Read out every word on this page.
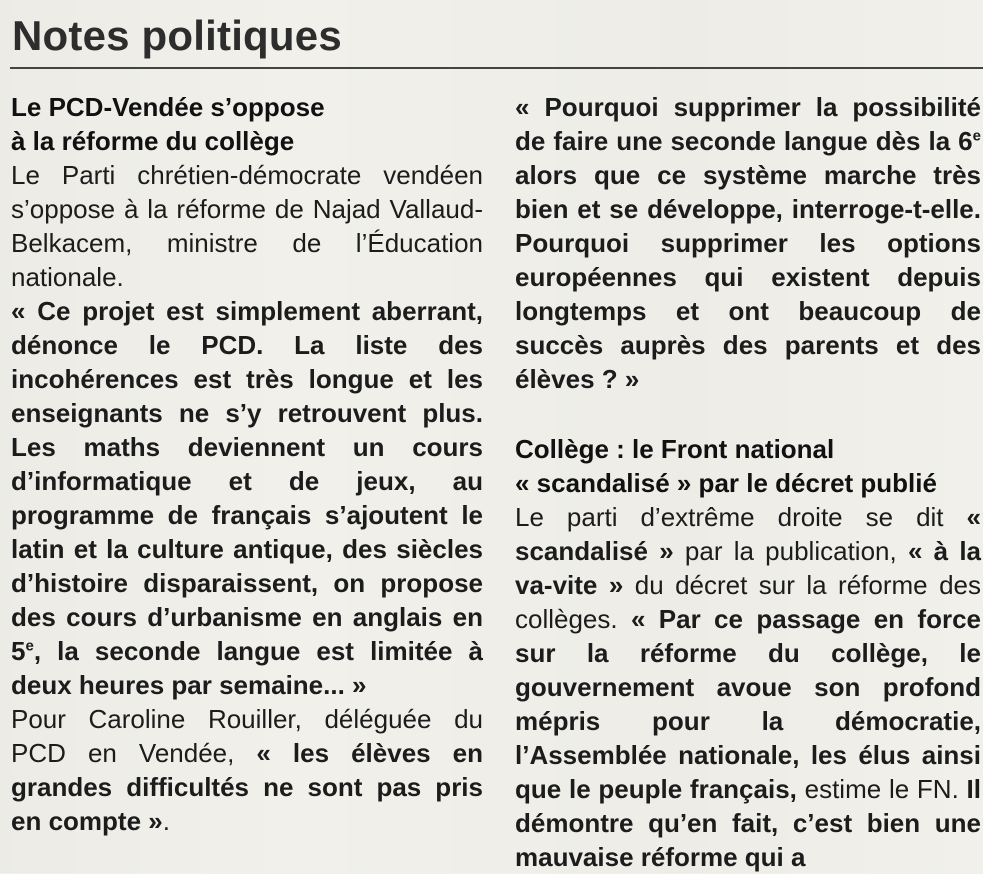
Notes politiques
Le PCD-Vendée s’oppose
à la réforme du collège

Le Parti chrétien-démocrate vendéen s’oppose à la réforme de Najad Vallaud-Belkacem, ministre de l’Éducation nationale.

« Ce projet est simplement aberrant, dénonce le PCD. La liste des incohérences est très longue et les enseignants ne s’y retrouvent plus. Les maths deviennent un cours d’informatique et de jeux, au programme de français s’ajoutent le latin et la culture antique, des siècles d’histoire disparaissent, on propose des cours d’urbanisme en anglais en 5e, la seconde langue est limitée à deux heures par semaine... »

Pour Caroline Rouiller, déléguée du PCD en Vendée, « les élèves en grandes difficultés ne sont pas pris en compte ».

« Pourquoi supprimer la possibilité de faire une seconde langue dès la 6e alors que ce système marche très bien et se développe, interroge-t-elle. Pourquoi supprimer les options européennes qui existent depuis longtemps et ont beaucoup de succès auprès des parents et des élèves ? »

Collège : le Front national
« scandalisé » par le décret publié

Le parti d’extrême droite se dit « scandalisé » par la publication, « à la va-vite » du décret sur la réforme des collèges. « Par ce passage en force sur la réforme du collège, le gouvernement avoue son profond mépris pour la démocratie, l’Assemblée nationale, les élus ainsi que le peuple français, estime le FN. Il démontre qu’en fait, c’est bien une mauvaise réforme qui a
